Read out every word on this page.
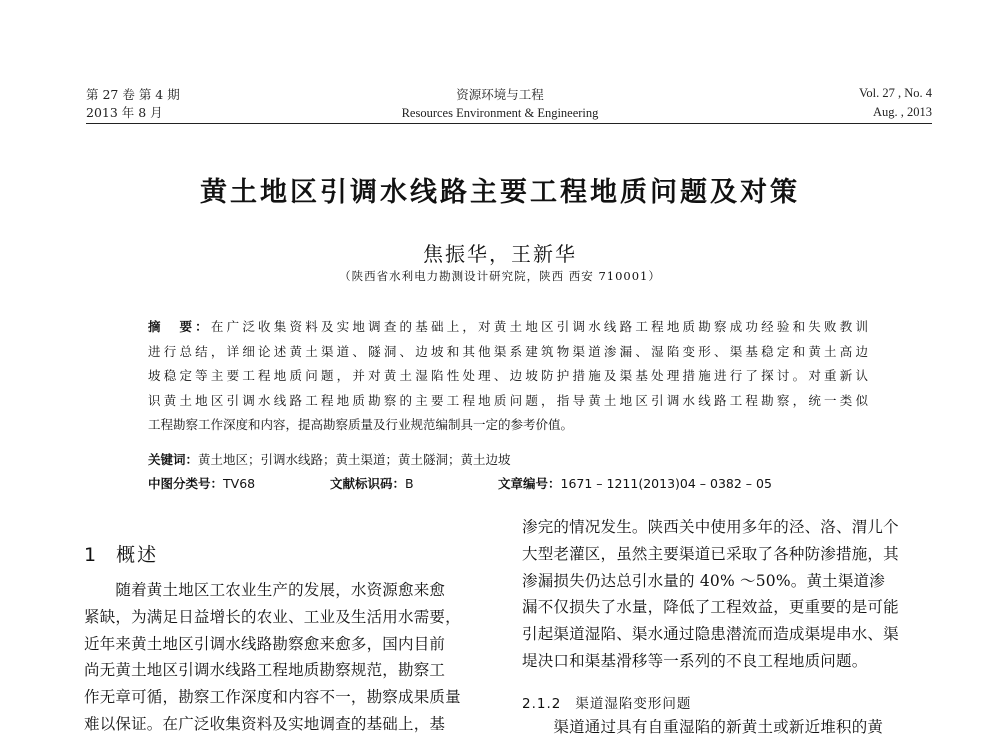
第 27 卷 第 4 期
2013 年 8 月
资源环境与工程
Resources Environment & Engineering
Vol. 27 , No. 4
Aug. , 2013
黄土地区引调水线路主要工程地质问题及对策
焦振华，王新华
（陕西省水利电力勘测设计研究院，陕西 西安 710001）

摘　要：在广泛收集资料及实地调查的基础上，对黄土地区引调水线路工程地质勘察成功经验和失败教训

进行总结，详细论述黄土渠道、隧洞、边坡和其他渠系建筑物渠道渗漏、湿陷变形、渠基稳定和黄土高边

坡稳定等主要工程地质问题，并对黄土湿陷性处理、边坡防护措施及渠基处理措施进行了探讨。对重新认

识黄土地区引调水线路工程地质勘察的主要工程地质问题，指导黄土地区引调水线路工程勘察，统一类似

工程勘察工作深度和内容，提高勘察质量及行业规范编制具一定的参考价值。

关键词：黄土地区；引调水线路；黄土渠道；黄土隧洞；黄土边坡
中图分类号：TV68	文献标识码：B	文章编号：1671 – 1211(2013)04 – 0382 – 05
1 概述

　　随着黄土地区工农业生产的发展，水资源愈来愈

紧缺，为满足日益增长的农业、工业及生活用水需要，

近年来黄土地区引调水线路勘察愈来愈多，国内目前

尚无黄土地区引调水线路工程地质勘察规范，勘察工

作无章可循，勘察工作深度和内容不一，勘察成果质量

难以保证。在广泛收集资料及实地调查的基础上，基

渗完的情况发生。陕西关中使用多年的泾、洛、渭儿个

大型老灌区，虽然主要渠道已采取了各种防渗措施，其

渗漏损失仍达总引水量的 40% ～50%。黄土渠道渗

漏不仅损失了水量，降低了工程效益，更重要的是可能

引起渠道湿陷、渠水通过隐患潜流而造成渠堤串水、渠

堤决口和渠基滑移等一系列的不良工程地质问题。

2.1.2 渠道湿陷变形问题

　　渠道通过具有自重湿陷的新黄土或新近堆积的黄
